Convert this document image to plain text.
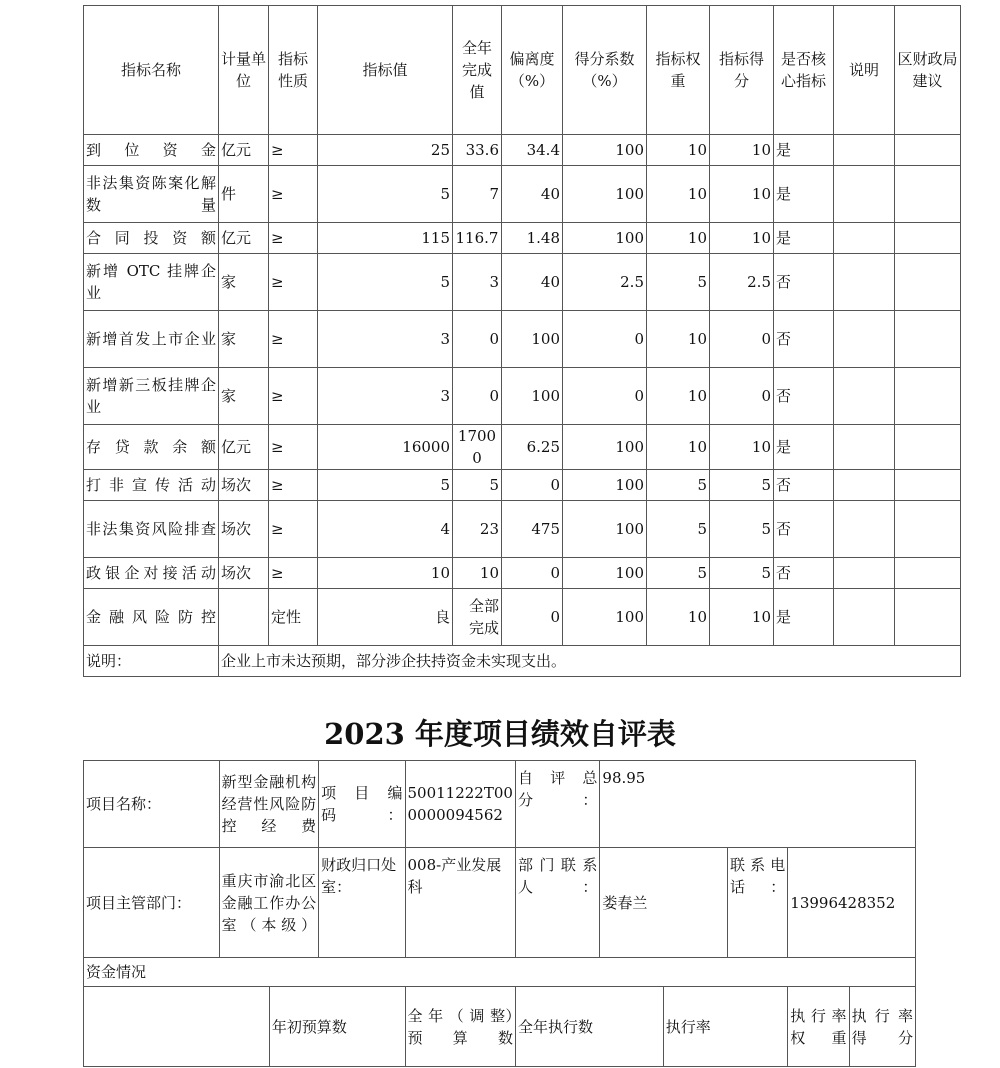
指标名称	计量单位	指标性质	指标值	全年完成值	偏离度（%）	得分系数（%）	指标权重	指标得分	是否核心指标	说明	区财政局建议
到位资金	亿元	≥	25	33.6	34.4	100	10	10	是		
非法集资陈案化解数量	件	≥	5	7	40	100	10	10	是		
合同投资额	亿元	≥	115	116.7	1.48	100	10	10	是		
新增 OTC 挂牌企业	家	≥	5	3	40	2.5	5	2.5	否		
新增首发上市企业	家	≥	3	0	100	0	10	0	否		
新增新三板挂牌企业	家	≥	3	0	100	0	10	0	否		
存贷款余额	亿元	≥	16000	17000	6.25	100	10	10	是		
打非宣传活动	场次	≥	5	5	0	100	5	5	否		
非法集资风险排查	场次	≥	4	23	475	100	5	5	否		
政银企对接活动	场次	≥	10	10	0	100	5	5	否		
金融风险防控		定性	良	全部完成	0	100	10	10	是		
说明：	企业上市未达预期，部分涉企扶持资金未实现支出。										
2023 年度项目绩效自评表
项目名称：	新型金融机构经营性风险防控经费		项 目 编 码：	50011222T000000094562	自 评 总 分：	98.95				
项目主管部门：	重庆市渝北区金融工作办公室（本级）		财政归口处室：	008-产业发展科	部门联系人：	娄春兰		联系电话：	13996428352	
资金情况										
		年初预算数		全 年 （ 调 整）预算数	全年执行数		执行率		执行率权重	执 行 率 得分
